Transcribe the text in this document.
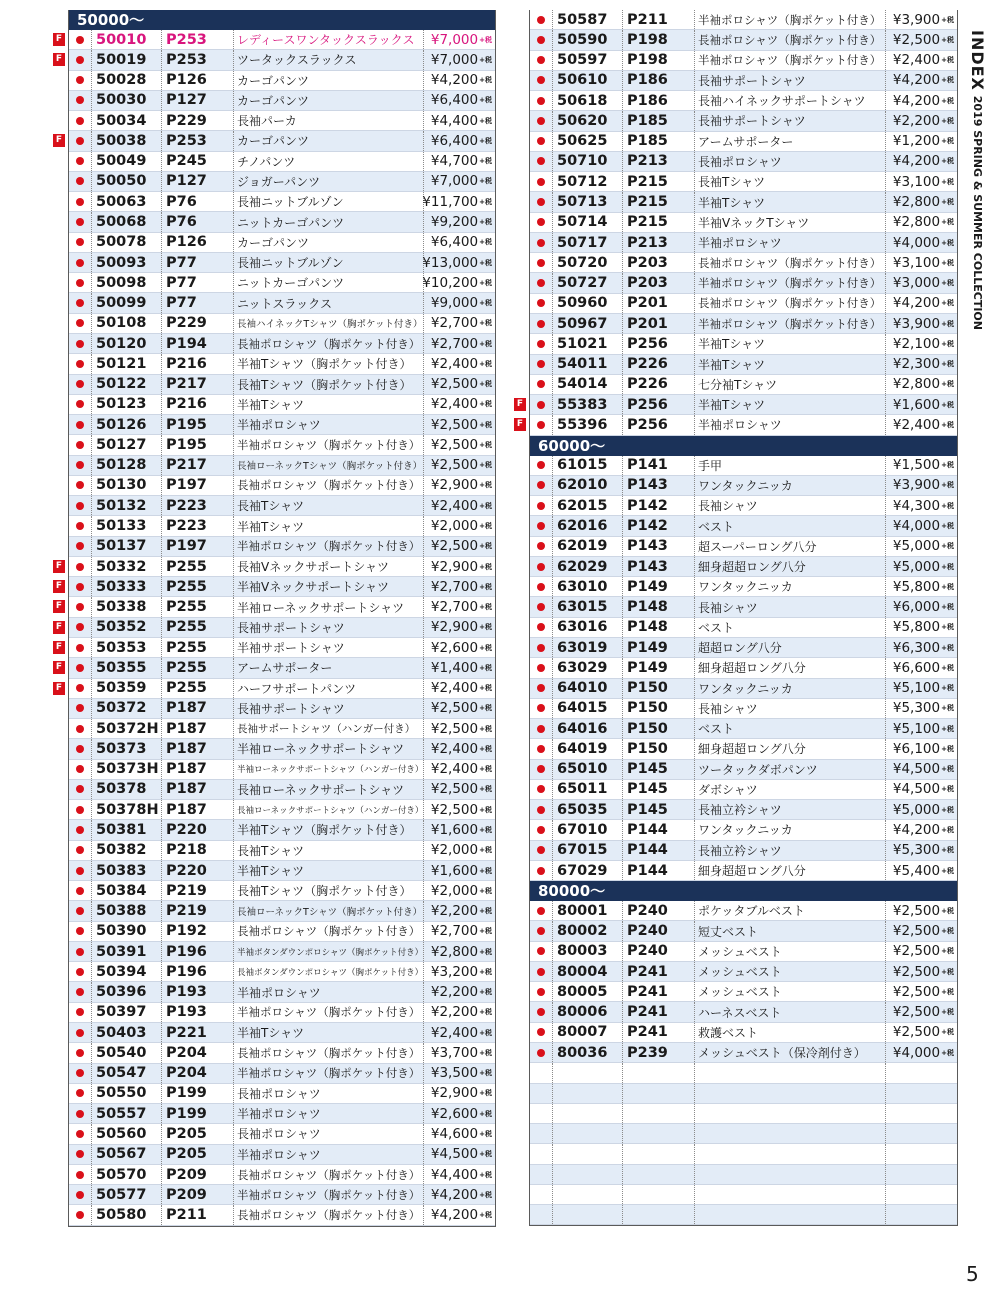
50000〜
F	50010	P253	レディースワンタックスラックス	¥7,000 +税
F	50019	P253	ツータックスラックス	¥7,000 +税
50028	P126	カーゴパンツ	¥4,200 +税
50030	P127	カーゴパンツ	¥6,400 +税
50034	P229	長袖パーカ	¥4,400 +税
F	50038	P253	カーゴパンツ	¥6,400 +税
50049	P245	チノパンツ	¥4,700 +税
50050	P127	ジョガーパンツ	¥7,000 +税
50063	P76	長袖ニットブルゾン	¥11,700 +税
50068	P76	ニットカーゴパンツ	¥9,200 +税
50078	P126	カーゴパンツ	¥6,400 +税
50093	P77	長袖ニットブルゾン	¥13,000 +税
50098	P77	ニットカーゴパンツ	¥10,200 +税
50099	P77	ニットスラックス	¥9,000 +税
50108	P229	長袖ハイネックTシャツ（胸ポケット付き） ¥2,700 +税
50120	P194	長袖ポロシャツ（胸ポケット付き） ¥2,700 +税
50121	P216	半袖Tシャツ（胸ポケット付き）	¥2,400 +税
50122	P217	長袖Tシャツ（胸ポケット付き）	¥2,500 +税
50123	P216	半袖Tシャツ	¥2,400 +税
50126	P195	半袖ポロシャツ	¥2,500 +税
50127	P195	半袖ポロシャツ（胸ポケット付き） ¥2,500 +税
50128	P217	長袖ローネックTシャツ（胸ポケット付き） ¥2,500 +税
50130	P197	長袖ポロシャツ（胸ポケット付き） ¥2,900 +税
50132	P223	長袖Tシャツ	¥2,400 +税
50133	P223	半袖Tシャツ	¥2,000 +税
50137	P197	半袖ポロシャツ（胸ポケット付き） ¥2,500 +税
F	50332	P255	長袖Vネックサポートシャツ	¥2,900 +税
F	50333	P255	半袖Vネックサポートシャツ	¥2,700 +税
F	50338	P255	半袖ローネックサポートシャツ	¥2,700 +税
F	50352	P255	長袖サポートシャツ	¥2,900 +税
F	50353	P255	半袖サポートシャツ	¥2,600 +税
F	50355	P255	アームサポーター	¥1,400 +税
F	50359	P255	ハーフサポートパンツ	¥2,400 +税
50372	P187	長袖サポートシャツ	¥2,500 +税
50372H P187	長袖サポートシャツ（ハンガー付き）	¥2,500 +税
50373	P187	半袖ローネックサポートシャツ	¥2,400 +税
50373H P187	半袖ローネックサポートシャツ（ハンガー付き） ¥2,400 +税
50378	P187	長袖ローネックサポートシャツ	¥2,500 +税
50378H P187	長袖ローネックサポートシャツ（ハンガー付き） ¥2,500 +税
50381	P220	半袖Tシャツ（胸ポケット付き）	¥1,600 +税
50382	P218	長袖Tシャツ	¥2,000 +税
50383	P220	半袖Tシャツ	¥1,600 +税
50384	P219	長袖Tシャツ（胸ポケット付き）	¥2,000 +税
50388	P219	長袖ローネックTシャツ（胸ポケット付き） ¥2,200 +税
50390	P192	長袖ポロシャツ（胸ポケット付き） ¥2,700 +税
50391	P196	半袖ボタンダウンポロシャツ（胸ポケット付き） ¥2,800 +税
50394	P196	長袖ボタンダウンポロシャツ（胸ポケット付き） ¥3,200 +税
50396	P193	半袖ポロシャツ	¥2,200 +税
50397	P193	半袖ポロシャツ（胸ポケット付き） ¥2,200 +税
50403	P221	半袖Tシャツ	¥2,400 +税
50540	P204	長袖ポロシャツ（胸ポケット付き） ¥3,700 +税
50547	P204	半袖ポロシャツ（胸ポケット付き） ¥3,500 +税
50550	P199	長袖ポロシャツ	¥2,900 +税
50557	P199	半袖ポロシャツ	¥2,600 +税
50560	P205	長袖ポロシャツ	¥4,600 +税
50567	P205	半袖ポロシャツ	¥4,500 +税
50570	P209	長袖ポロシャツ（胸ポケット付き） ¥4,400 +税
50577	P209	半袖ポロシャツ（胸ポケット付き） ¥4,200 +税
50580	P211	長袖ポロシャツ（胸ポケット付き） ¥4,200 +税
50587	P211	半袖ポロシャツ（胸ポケット付き） ¥3,900 +税
50590	P198	長袖ポロシャツ（胸ポケット付き） ¥2,500 +税
50597	P198	半袖ポロシャツ（胸ポケット付き） ¥2,400 +税
50610	P186	長袖サポートシャツ	¥4,200 +税
50618	P186	長袖ハイネックサポートシャツ	¥4,200 +税
50620	P185	長袖サポートシャツ	¥2,200 +税
50625	P185	アームサポーター	¥1,200 +税
50710	P213	長袖ポロシャツ	¥4,200 +税
50712	P215	長袖Tシャツ	¥3,100 +税
50713	P215	半袖Tシャツ	¥2,800 +税
50714	P215	半袖VネックTシャツ	¥2,800 +税
50717	P213	半袖ポロシャツ	¥4,000 +税
50720	P203	長袖ポロシャツ（胸ポケット付き） ¥3,100 +税
50727	P203	半袖ポロシャツ（胸ポケット付き） ¥3,000 +税
50960	P201	長袖ポロシャツ（胸ポケット付き） ¥4,200 +税
50967	P201	半袖ポロシャツ（胸ポケット付き） ¥3,900 +税
51021	P256	半袖Tシャツ	¥2,100 +税
54011	P226	半袖Tシャツ	¥2,300 +税
54014	P226	七分袖Tシャツ	¥2,800 +税
F	55383	P256	半袖Tシャツ	¥1,600 +税
F	55396	P256	半袖ポロシャツ	¥2,400 +税
60000〜
61015	P141	手甲	¥1,500 +税
62010	P143	ワンタックニッカ	¥3,900 +税
62015	P142	長袖シャツ	¥4,300 +税
62016	P142	ベスト	¥4,000 +税
62019	P143	超スーパーロング八分	¥5,000 +税
62029	P143	細身超超ロング八分	¥5,000 +税
63010	P149	ワンタックニッカ	¥5,800 +税
63015	P148	長袖シャツ	¥6,000 +税
63016	P148	ベスト	¥5,800 +税
63019	P149	超超ロング八分	¥6,300 +税
63029	P149	細身超超ロング八分	¥6,600 +税
64010	P150	ワンタックニッカ	¥5,100 +税
64015	P150	長袖シャツ	¥5,300 +税
64016	P150	ベスト	¥5,100 +税
64019	P150	細身超超ロング八分	¥6,100 +税
65010	P145	ツータックダボパンツ	¥4,500 +税
65011	P145	ダボシャツ	¥4,500 +税
65035	P145	長袖立衿シャツ	¥5,000 +税
67010	P144	ワンタックニッカ	¥4,200 +税
67015	P144	長袖立衿シャツ	¥5,300 +税
67029	P144	細身超超ロング八分	¥5,400 +税
80000〜
80001	P240	ポケッタブルベスト	¥2,500 +税
80002	P240	短丈ベスト	¥2,500 +税
80003	P240	メッシュベスト	¥2,500 +税
80004	P241	メッシュベスト	¥2,500 +税
80005	P241	メッシュベスト	¥2,500 +税
80006	P241	ハーネスベスト	¥2,500 +税
80007	P241	救護ベスト	¥2,500 +税
80036	P239	メッシュベスト（保冷剤付き）	¥4,000 +税
INDEX 2019 SPRING & SUMMER COLLECTION
5
